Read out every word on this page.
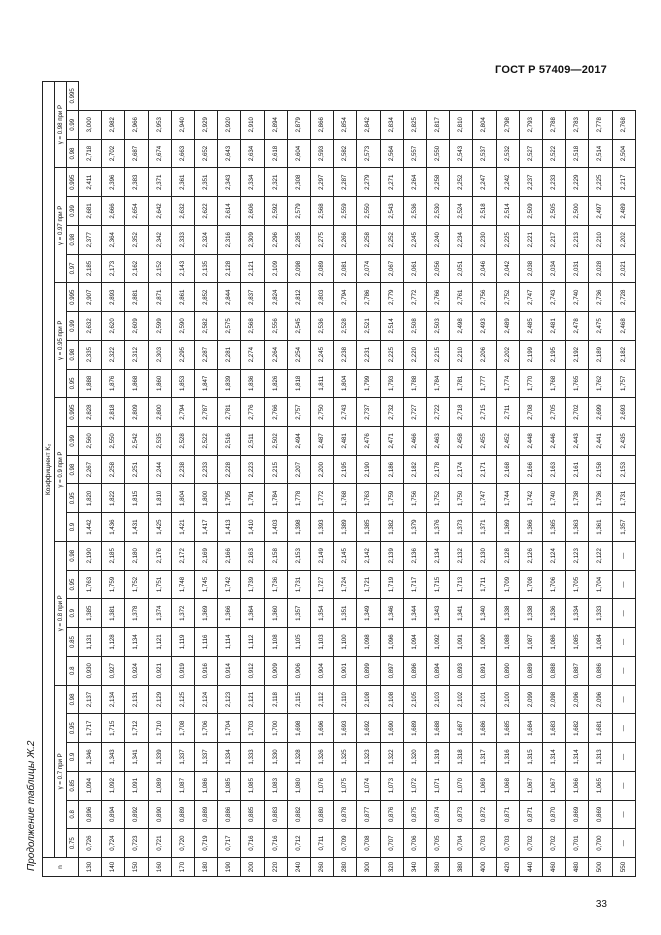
ГОСТ Р 57409—2017
Продолжение таблицы Ж.2	n	Коэффициент K₂																										
	γ = 0.7 при P						γ = 0.8 при P					γ = 0.9 при P					γ = 0.95 при P				γ = 0.97 при P				γ = 0.98 при P		
	0.75	0.8	0.85	0.9	0.95	0.98	0.8	0.85	0.9	0.95	0.98	0.9	0.95	0.98	0.99	0.995	0.95	0.98	0.99	0.995	0.97	0.98	0.99	0.995	0.98	0.99	0.995
130	0,726	0,896	1,094	1,346	1,717	2,137	0,930	1,131	1,385	1,763	2,190	1,442	1,820	2,267	2,560	2,828	1,888	2,335	2,632	2,907	2,185	2,377	2,681	2,411	2,718	3,000	
140	0,724	0,894	1,092	1,343	1,715	2,134	0,927	1,128	1,381	1,759	2,185	1,436	1,822	2,258	2,550	2,818	1,876	2,322	2,620	2,893	2,173	2,364	2,666	2,396	2,702	2,982	
150	0,723	0,892	1,091	1,341	1,712	2,131	0,924	1,134	1,378	1,752	2,180	1,431	1,815	2,251	2,542	2,809	1,868	2,312	2,609	2,881	2,162	2,352	2,654	2,383	2,687	2,966	
160	0,721	0,890	1,089	1,339	1,710	2,129	0,921	1,121	1,374	1,751	2,176	1,425	1,810	2,244	2,535	2,800	1,860	2,303	2,599	2,871	2,152	2,342	2,642	2,371	2,674	2,953	
170	0,720	0,889	1,087	1,337	1,708	2,125	0,919	1,119	1,372	1,748	2,172	1,421	1,804	2,238	2,528	2,794	1,853	2,295	2,590	2,861	2,143	2,333	2,632	2,361	2,663	2,940	
180	0,719	0,889	1,086	1,337	1,706	2,124	0,916	1,116	1,369	1,745	2,169	1,417	1,800	2,233	2,522	2,787	1,847	2,287	2,582	2,852	2,135	2,324	2,622	2,351	2,652	2,929	
190	0,717	0,886	1,085	1,334	1,704	2,123	0,914	1,114	1,366	1,742	2,166	1,413	1,795	2,228	2,516	2,781	1,839	2,281	2,575	2,844	2,128	2,316	2,614	2,343	2,643	2,920	
200	0,716	0,885	1,085	1,333	1,703	2,121	0,912	1,112	1,364	1,739	2,163	1,410	1,791	2,223	2,511	2,776	1,836	2,274	2,568	2,837	2,121	2,309	2,606	2,334	2,634	2,910	
220	0,716	0,883	1,083	1,330	1,700	2,118	0,909	1,108	1,360	1,736	2,158	1,403	1,784	2,215	2,502	2,766	1,826	2,264	2,556	2,824	2,109	2,296	2,592	2,321	2,618	2,894	
240	0,712	0,882	1,080	1,328	1,698	2,115	0,906	1,105	1,357	1,731	2,153	1,398	1,778	2,207	2,494	2,757	1,818	2,254	2,545	2,812	2,098	2,285	2,579	2,308	2,604	2,879	
260	0,711	0,880	1,076	1,326	1,696	2,112	0,904	1,103	1,354	1,727	2,149	1,393	1,772	2,200	2,487	2,750	1,811	2,245	2,536	2,803	2,089	2,275	2,568	2,297	2,593	2,866	
280	0,709	0,878	1,075	1,325	1,693	2,110	0,901	1,100	1,351	1,724	2,145	1,389	1,768	2,195	2,481	2,743	1,804	2,238	2,528	2,794	2,081	2,266	2,559	2,287	2,582	2,854	
300	0,708	0,877	1,074	1,323	1,692	2,108	0,899	1,098	1,349	1,721	2,142	1,385	1,763	2,190	2,476	2,737	1,799	2,231	2,521	2,786	2,074	2,258	2,550	2,279	2,573	2,842	
320	0,707	0,876	1,073	1,322	1,690	2,108	0,897	1,096	1,346	1,719	2,139	1,382	1,759	2,186	2,471	2,732	1,793	2,225	2,514	2,779	2,067	2,252	2,543	2,271	2,564	2,834	
340	0,706	0,875	1,072	1,320	1,689	2,105	0,896	1,094	1,344	1,717	2,136	1,379	1,756	2,182	2,466	2,727	1,788	2,220	2,508	2,772	2,061	2,245	2,536	2,264	2,557	2,825	
360	0,705	0,874	1,071	1,319	1,688	2,103	0,894	1,092	1,343	1,715	2,134	1,376	1,752	2,178	2,463	2,722	1,784	2,215	2,503	2,766	2,056	2,240	2,530	2,258	2,550	2,817	
380	0,704	0,873	1,070	1,318	1,687	2,102	0,893	1,091	1,341	1,713	2,132	1,373	1,750	2,174	2,458	2,718	1,781	2,210	2,498	2,761	2,051	2,234	2,524	2,252	2,543	2,810	
400	0,703	0,872	1,069	1,317	1,686	2,101	0,891	1,090	1,340	1,711	2,130	1,371	1,747	2,171	2,455	2,715	1,777	2,206	2,493	2,756	2,046	2,230	2,518	2,247	2,537	2,804	
420	0,703	0,871	1,068	1,316	1,685	2,100	0,890	1,088	1,338	1,709	2,128	1,369	1,744	2,168	2,452	2,711	1,774	2,202	2,489	2,752	2,042	2,225	2,514	2,242	2,532	2,798	
440	0,702	0,871	1,067	1,315	1,684	2,099	0,889	1,087	1,338	1,708	2,126	1,366	1,742	2,166	2,448	2,708	1,770	2,199	2,485	2,747	2,038	2,221	2,509	2,237	2,527	2,793	
460	0,702	0,870	1,067	1,314	1,683	2,098	0,888	1,086	1,336	1,706	2,124	1,365	1,740	2,163	2,446	2,705	1,768	2,195	2,481	2,743	2,034	2,217	2,505	2,233	2,522	2,788	
480	0,701	0,869	1,066	1,314	1,682	2,096	0,887	1,085	1,334	1,705	2,123	1,363	1,738	2,161	2,443	2,702	1,765	2,192	2,478	2,740	2,031	2,213	2,500	2,229	2,518	2,783	
500	0,700	0,869	1,065	1,313	1,681	2,096	0,886	1,084	1,333	1,704	2,122	1,361	1,736	2,158	2,441	2,699	1,762	2,189	2,475	2,736	2,028	2,210	2,497	2,225	2,514	2,778	
550	—	—	—	—	—	—	—	—	—	—	—	1,357	1,731	2,153	2,435	2,693	1,757	2,182	2,468	2,728	2,021	2,202	2,489	2,217	2,504	2,768	
33
